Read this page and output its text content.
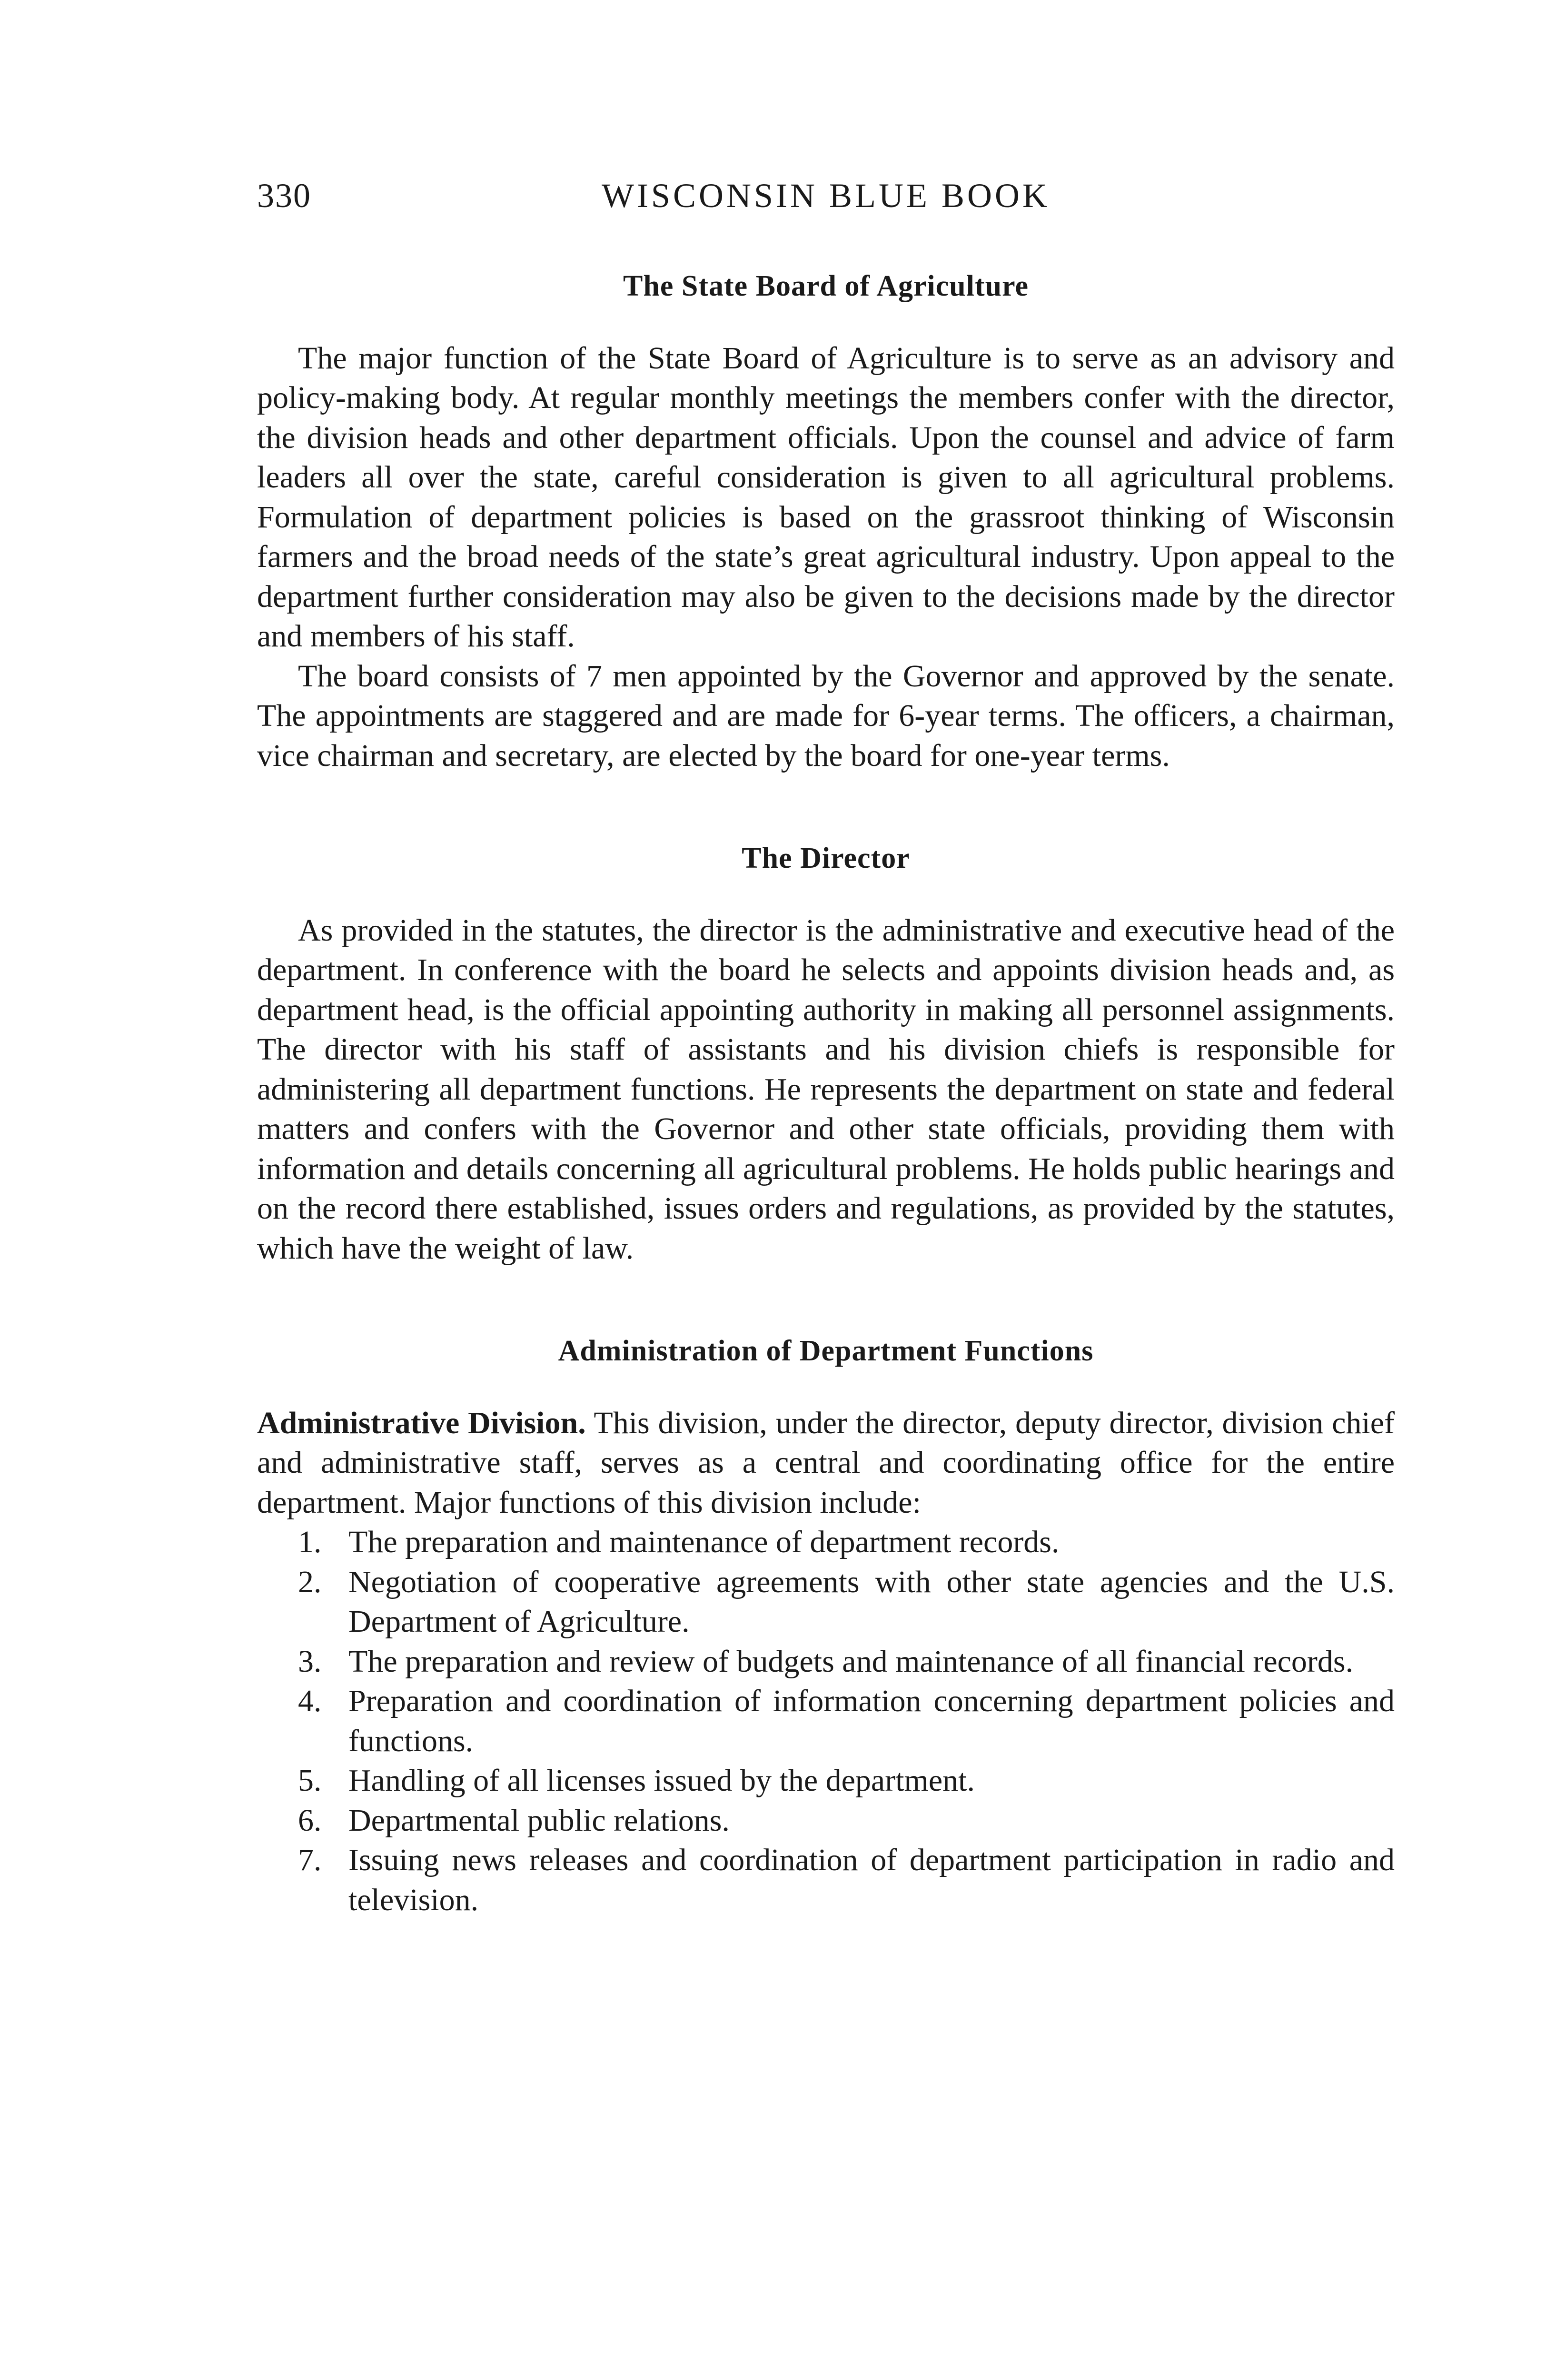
330	WISCONSIN BLUE BOOK
The State Board of Agriculture

The major function of the State Board of Agriculture is to serve as an advisory and policy-making body. At regular monthly meetings the members confer with the director, the division heads and other department officials. Upon the counsel and advice of farm leaders all over the state, careful consideration is given to all agricultural problems. Formulation of department policies is based on the grassroot thinking of Wisconsin farmers and the broad needs of the state’s great agricultural industry. Upon appeal to the department further consideration may also be given to the decisions made by the director and members of his staff.

The board consists of 7 men appointed by the Governor and approved by the senate. The appointments are staggered and are made for 6-year terms. The officers, a chairman, vice chairman and secretary, are elected by the board for one-year terms.

The Director

As provided in the statutes, the director is the administrative and executive head of the department. In conference with the board he selects and appoints division heads and, as department head, is the official appointing authority in making all personnel assignments. The director with his staff of assistants and his division chiefs is responsible for administering all department functions. He represents the department on state and federal matters and confers with the Governor and other state officials, providing them with information and details concerning all agricultural problems. He holds public hearings and on the record there established, issues orders and regulations, as provided by the statutes, which have the weight of law.

Administration of Department Functions

Administrative Division. This division, under the director, deputy director, division chief and administrative staff, serves as a central and coordinating office for the entire department. Major functions of this division include:

1. The preparation and maintenance of department records.
2. Negotiation of cooperative agreements with other state agencies and the U.S. Department of Agriculture.
3. The preparation and review of budgets and maintenance of all financial records.
4. Preparation and coordination of information concerning department policies and functions.
5. Handling of all licenses issued by the department.
6. Departmental public relations.
7. Issuing news releases and coordination of department participation in radio and television.
